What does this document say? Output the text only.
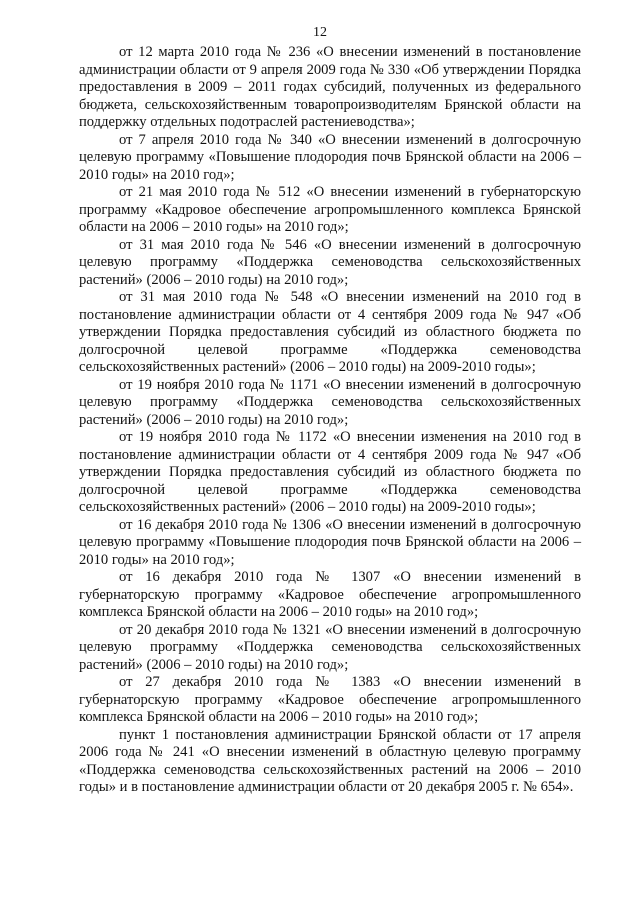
12

от 12 марта 2010 года № 236 «О внесении изменений в постановление администрации области от 9 апреля 2009 года № 330 «Об утверждении Порядка предоставления в 2009 – 2011 годах субсидий, полученных из федерального бюджета, сельскохозяйственным товаропроизводителям Брянской области на поддержку отдельных подотраслей растениеводства»;

от 7 апреля 2010 года № 340 «О внесении изменений в долгосрочную целевую программу «Повышение плодородия почв Брянской области на 2006 – 2010 годы» на 2010 год»;

от 21 мая 2010 года № 512 «О внесении изменений в губернаторскую программу «Кадровое обеспечение агропромышленного комплекса Брянской области на 2006 – 2010 годы» на 2010 год»;

от 31 мая 2010 года № 546 «О внесении изменений в долгосрочную целевую программу «Поддержка семеноводства сельскохозяйственных растений» (2006 – 2010 годы) на 2010 год»;

от 31 мая 2010 года № 548 «О внесении изменений на 2010 год в постановление администрации области от 4 сентября 2009 года № 947 «Об утверждении Порядка предоставления субсидий из областного бюджета по долгосрочной целевой программе «Поддержка семеноводства сельскохозяйственных растений» (2006 – 2010 годы) на 2009-2010 годы»;

от 19 ноября 2010 года № 1171 «О внесении изменений в долгосрочную целевую программу «Поддержка семеноводства сельскохозяйственных растений» (2006 – 2010 годы) на 2010 год»;

от 19 ноября 2010 года № 1172 «О внесении изменения на 2010 год в постановление администрации области от 4 сентября 2009 года № 947 «Об утверждении Порядка предоставления субсидий из областного бюджета по долгосрочной целевой программе «Поддержка семеноводства сельскохозяйственных растений» (2006 – 2010 годы) на 2009-2010 годы»;

от 16 декабря 2010 года № 1306 «О внесении изменений в долгосрочную целевую программу «Повышение плодородия почв Брянской области на 2006 – 2010 годы» на 2010 год»;

от 16 декабря 2010 года № 1307 «О внесении изменений в губернаторскую программу «Кадровое обеспечение агропромышленного комплекса Брянской области на 2006 – 2010 годы» на 2010 год»;

от 20 декабря 2010 года № 1321 «О внесении изменений в долгосрочную целевую программу «Поддержка семеноводства сельскохозяйственных растений» (2006 – 2010 годы) на 2010 год»;

от 27 декабря 2010 года № 1383 «О внесении изменений в губернаторскую программу «Кадровое обеспечение агропромышленного комплекса Брянской области на 2006 – 2010 годы» на 2010 год»;

пункт 1 постановления администрации Брянской области от 17 апреля 2006 года № 241 «О внесении изменений в областную целевую программу «Поддержка семеноводства сельскохозяйственных растений на 2006 – 2010 годы» и в постановление администрации области от 20 декабря 2005 г. № 654».
